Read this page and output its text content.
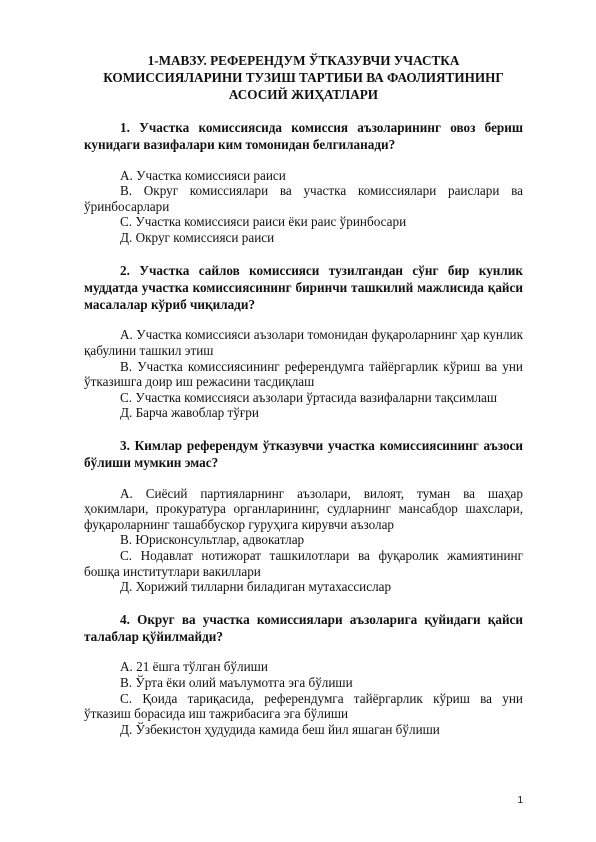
1-МАВЗУ. РЕФЕРЕНДУМ ЎТКАЗУВЧИ УЧАСТКА
КОМИССИЯЛАРИНИ ТУЗИШ ТАРТИБИ ВА ФАОЛИЯТИНИНГ
АСОСИЙ ЖИҲАТЛАРИ

1. Участка комиссиясида комиссия аъзоларининг овоз бериш кунидаги вазифалари ким томонидан белгиланади?

А. Участка комиссияси раиси

В. Округ комиссиялари ва участка комиссиялари раислари ва ўринбосарлари

С. Участка комиссияси раиси ёки раис ўринбосари

Д. Округ комиссияси раиси

2. Участка сайлов комиссияси тузилгандан сўнг бир кунлик муддатда участка комиссиясининг биринчи ташкилий мажлисида қайси масалалар кўриб чиқилади?

А. Участка комиссияси аъзолари томонидан фуқароларнинг ҳар кунлик қабулини ташкил этиш

В. Участка комиссиясининг референдумга тайёргарлик кўриш ва уни ўтказишга доир иш режасини тасдиқлаш

С. Участка комиссияси аъзолари ўртасида вазифаларни тақсимлаш

Д. Барча жавоблар тўғри

3. Кимлар референдум ўтказувчи участка комиссиясининг аъзоси бўлиши мумкин эмас?

А. Сиёсий партияларнинг аъзолари, вилоят, туман ва шаҳар ҳокимлари, прокуратура органларининг, судларнинг мансабдор шахслари, фуқароларнинг ташаббускор гуруҳига кирувчи аъзолар

В. Юрисконсультлар, адвокатлар

С. Нодавлат нотижорат ташкилотлари ва фуқаролик жамиятининг бошқа институтлари вакиллари

Д. Хорижий тилларни биладиган мутахассислар

4. Округ ва участка комиссиялари аъзоларига қуйидаги қайси талаблар қўйилмайди?

А. 21 ёшга тўлган бўлиши

В. Ўрта ёки олий маълумотга эга бўлиши

С. Қоида тариқасида, референдумга тайёргарлик кўриш ва уни ўтказиш борасида иш тажрибасига эга бўлиши

Д. Ўзбекистон ҳудудида камида беш йил яшаган бўлиши

1
